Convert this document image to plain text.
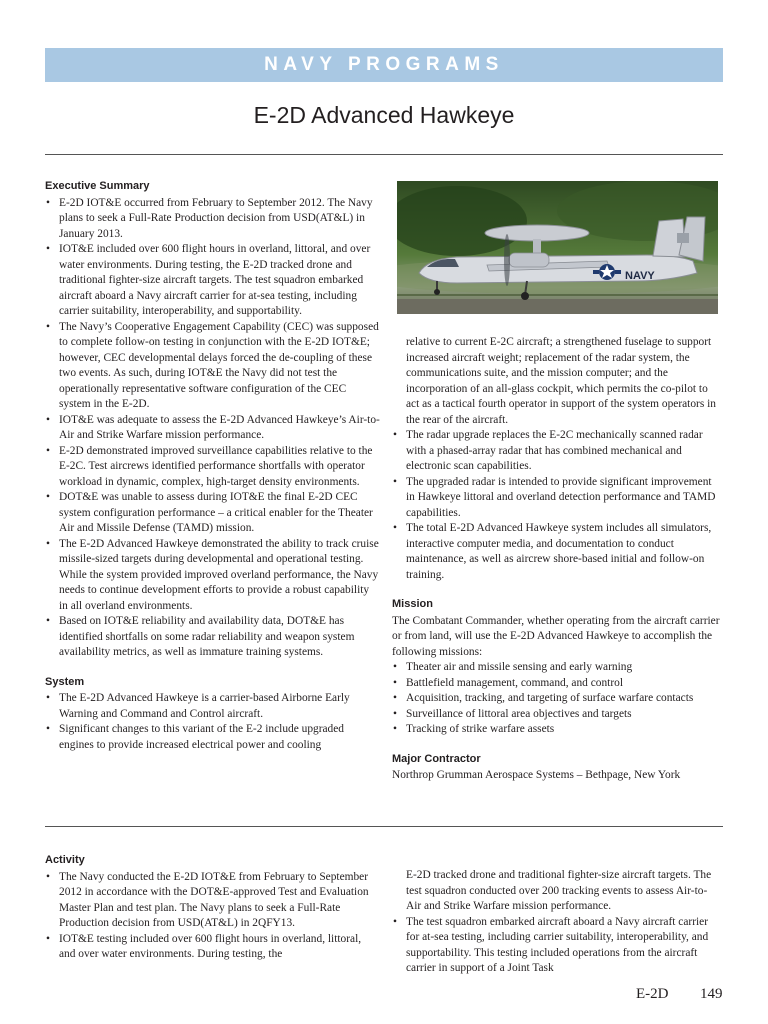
NAVY PROGRAMS
E-2D Advanced Hawkeye
Executive Summary
• E-2D IOT&E occurred from February to September 2012. The Navy plans to seek a Full-Rate Production decision from USD(AT&L) in January 2013.
• IOT&E included over 600 flight hours in overland, littoral, and over water environments. During testing, the E-2D tracked drone and traditional fighter-size aircraft targets. The test squadron embarked aircraft aboard a Navy aircraft carrier for at-sea testing, including carrier suitability, interoperability, and supportability.
• The Navy’s Cooperative Engagement Capability (CEC) was supposed to complete follow-on testing in conjunction with the E-2D IOT&E; however, CEC developmental delays forced the de-coupling of these two events. As such, during IOT&E the Navy did not test the operationally representative software configuration of the CEC system in the E-2D.
• IOT&E was adequate to assess the E-2D Advanced Hawkeye’s Air-to-Air and Strike Warfare mission performance.
• E-2D demonstrated improved surveillance capabilities relative to the E-2C. Test aircrews identified performance shortfalls with operator workload in dynamic, complex, high-target density environments.
• DOT&E was unable to assess during IOT&E the final E-2D CEC system configuration performance – a critical enabler for the Theater Air and Missile Defense (TAMD) mission.
• The E-2D Advanced Hawkeye demonstrated the ability to track cruise missile-sized targets during developmental and operational testing. While the system provided improved overland performance, the Navy needs to continue development efforts to provide a robust capability in all overland environments.
• Based on IOT&E reliability and availability data, DOT&E has identified shortfalls on some radar reliability and weapon system availability metrics, as well as immature training systems.
System
• The E-2D Advanced Hawkeye is a carrier-based Airborne Early Warning and Command and Control aircraft.
• Significant changes to this variant of the E-2 include upgraded engines to provide increased electrical power and cooling
NAVY

relative to current E-2C aircraft; a strengthened fuselage to support increased aircraft weight; replacement of the radar system, the communications suite, and the mission computer; and the incorporation of an all-glass cockpit, which permits the co-pilot to act as a tactical fourth operator in support of the system operators in the rear of the aircraft.

• The radar upgrade replaces the E-2C mechanically scanned radar with a phased-array radar that has combined mechanical and electronic scan capabilities.
• The upgraded radar is intended to provide significant improvement in Hawkeye littoral and overland detection performance and TAMD capabilities.
• The total E-2D Advanced Hawkeye system includes all simulators, interactive computer media, and documentation to conduct maintenance, as well as aircrew shore-based initial and follow-on training.
Mission

The Combatant Commander, whether operating from the aircraft carrier or from land, will use the E-2D Advanced Hawkeye to accomplish the following missions:

• Theater air and missile sensing and early warning
• Battlefield management, command, and control
• Acquisition, tracking, and targeting of surface warfare contacts
• Surveillance of littoral area objectives and targets
• Tracking of strike warfare assets
Major Contractor

Northrop Grumman Aerospace Systems – Bethpage, New York

Activity
• The Navy conducted the E-2D IOT&E from February to September 2012 in accordance with the DOT&E-approved Test and Evaluation Master Plan and test plan. The Navy plans to seek a Full-Rate Production decision from USD(AT&L) in 2QFY13.
• IOT&E testing included over 600 flight hours in overland, littoral, and over water environments. During testing, the

E-2D tracked drone and traditional fighter-size aircraft targets. The test squadron conducted over 200 tracking events to assess Air-to-Air and Strike Warfare mission performance.

• The test squadron embarked aircraft aboard a Navy aircraft carrier for at-sea testing, including carrier suitability, interoperability, and supportability. This testing included operations from the aircraft carrier in support of a Joint Task
E-2D 149
